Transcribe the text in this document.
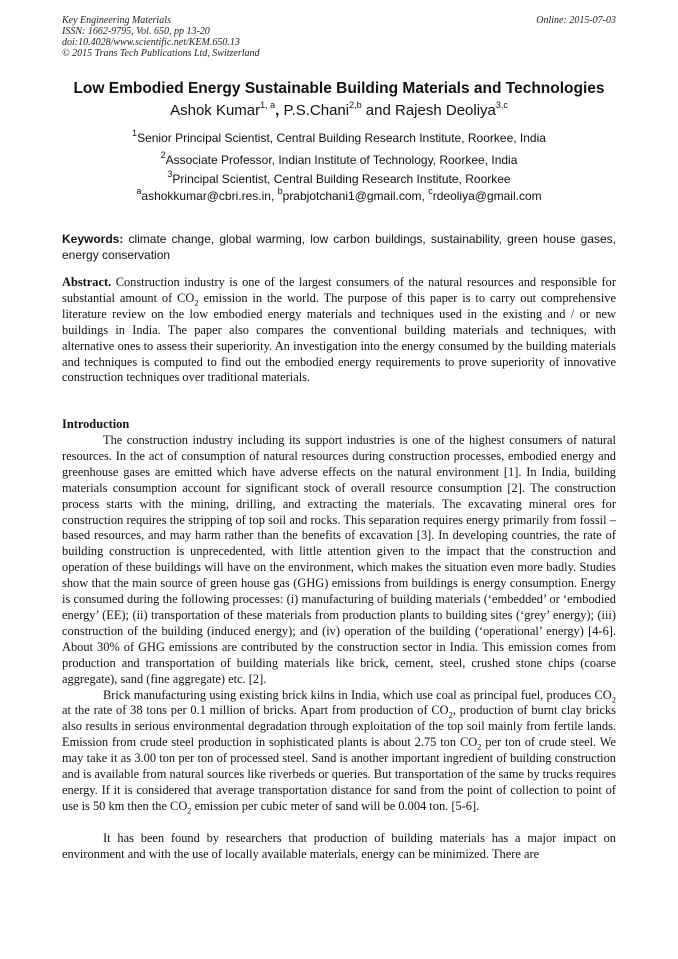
Key Engineering Materials
ISSN: 1662-9795, Vol. 650, pp 13-20
doi:10.4028/www.scientific.net/KEM.650.13
© 2015 Trans Tech Publications Ltd, Switzerland
Online: 2015-07-03
Low Embodied Energy Sustainable Building Materials and Technologies
Ashok Kumar$^{1, a}$, P.S.Chani$^{2,b}$ and Rajesh Deoliya$^{3,c}$
$^1$Senior Principal Scientist, Central Building Research Institute, Roorkee, India
$^2$Associate Professor, Indian Institute of Technology, Roorkee, India
$^3$Principal Scientist, Central Building Research Institute, Roorkee
$^a$ashokkumar@cbri.res.in, $^b$prabjotchani1@gmail.com, $^c$rdeoliya@gmail.com
Keywords: climate change, global warming, low carbon buildings, sustainability, green house gases, energy conservation
Abstract. Construction industry is one of the largest consumers of the natural resources and responsible for substantial amount of $CO_2$ emission in the world. The purpose of this paper is to carry out comprehensive literature review on the low embodied energy materials and techniques used in the existing and / or new buildings in India. The paper also compares the conventional building materials and techniques, with alternative ones to assess their superiority. An investigation into the energy consumed by the building materials and techniques is computed to find out the embodied energy requirements to prove superiority of innovative construction techniques over traditional materials.
Introduction

The construction industry including its support industries is one of the highest consumers of natural resources. In the act of consumption of natural resources during construction processes, embodied energy and greenhouse gases are emitted which have adverse effects on the natural environment [1]. In India, building materials consumption account for significant stock of overall resource consumption [2]. The construction process starts with the mining, drilling, and extracting the materials. The excavating mineral ores for construction requires the stripping of top soil and rocks. This separation requires energy primarily from fossil –based resources, and may harm rather than the benefits of excavation [3]. In developing countries, the rate of building construction is unprecedented, with little attention given to the impact that the construction and operation of these buildings will have on the environment, which makes the situation even more badly. Studies show that the main source of green house gas (GHG) emissions from buildings is energy consumption. Energy is consumed during the following processes: (i) manufacturing of building materials (‘embedded’ or ‘embodied energy’ (EE); (ii) transportation of these materials from production plants to building sites (‘grey’ energy); (iii) construction of the building (induced energy); and (iv) operation of the building (‘operational’ energy) [4-6]. About 30% of GHG emissions are contributed by the construction sector in India. This emission comes from production and transportation of building materials like brick, cement, steel, crushed stone chips (coarse aggregate), sand (fine aggregate) etc. [2].

Brick manufacturing using existing brick kilns in India, which use coal as principal fuel, produces $CO_2$ at the rate of 38 tons per 0.1 million of bricks. Apart from production of $CO_2$, production of burnt clay bricks also results in serious environmental degradation through exploitation of the top soil mainly from fertile lands. Emission from crude steel production in sophisticated plants is about 2.75 ton $CO_2$ per ton of crude steel. We may take it as 3.00 ton per ton of processed steel. Sand is another important ingredient of building construction and is available from natural sources like riverbeds or queries. But transportation of the same by trucks requires energy. If it is considered that average transportation distance for sand from the point of collection to point of use is 50 km then the $CO_2$ emission per cubic meter of sand will be 0.004 ton. [5-6].

It has been found by researchers that production of building materials has a major impact on environment and with the use of locally available materials, energy can be minimized. There are
